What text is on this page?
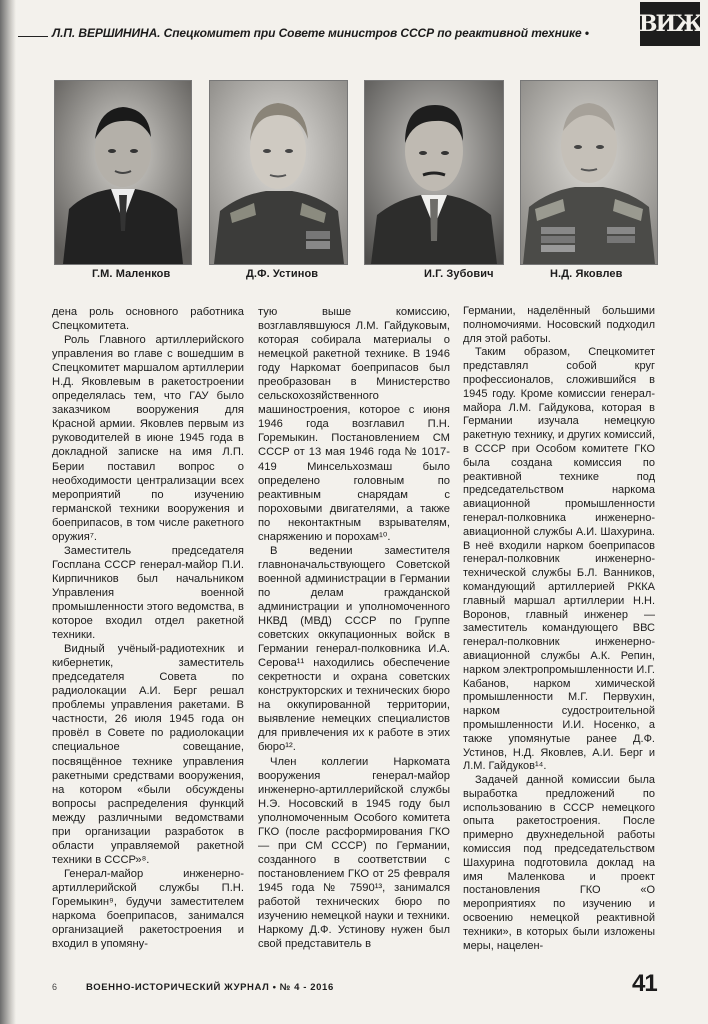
Л.П. ВЕРШИНИНА. Спецкомитет при Совете министров СССР по реактивной технике •	ВИЖ
Г.М. Маленков	Д.Ф. Устинов	И.Г. Зубович	Н.Д. Яковлев

дена роль основного работника Спецкомитета.

Роль Главного артиллерийского управления во главе с вошедшим в Спецкомитет маршалом артиллерии Н.Д. Яковлевым в ракетостроении определялась тем, что ГАУ было заказчиком вооружения для Красной армии. Яковлев первым из руководителей в июне 1945 года в докладной записке на имя Л.П. Берии поставил вопрос о необходимости централизации всех мероприятий по изучению германской техники вооружения и боеприпасов, в том числе ракетного оружия⁷.

Заместитель председателя Госплана СССР генерал-майор П.И. Кирпичников был начальником Управления военной промышленности этого ведомства, в которое входил отдел ракетной техники.

Видный учёный-радиотехник и кибернетик, заместитель председателя Совета по радиолокации А.И. Берг решал проблемы управления ракетами. В частности, 26 июля 1945 года он провёл в Совете по радиолокации специальное совещание, посвящённое технике управления ракетными средствами вооружения, на котором «были обсуждены вопросы распределения функций между различными ведомствами при организации разработок в области управляемой ракетной техники в СССР»⁸.

Генерал-майор инженерно-артиллерийской службы П.Н. Горемыкин⁹, будучи заместителем наркома боеприпасов, занимался организацией ракетостроения и входил в упомяну-

тую выше комиссию, возглавлявшуюся Л.М. Гайдуковым, которая собирала материалы о немецкой ракетной технике. В 1946 году Наркомат боеприпасов был преобразован в Министерство сельскохозяйственного машиностроения, которое с июня 1946 года возглавил П.Н. Горемыкин. Постановлением СМ СССР от 13 мая 1946 года № 1017-419 Минсельхозмаш было определено головным по реактивным снарядам с пороховыми двигателями, а также по неконтактным взрывателям, снаряжению и порохам¹⁰.

В ведении заместителя главноначальствующего Советской военной администрации в Германии по делам гражданской администрации и уполномоченного НКВД (МВД) СССР по Группе советских оккупационных войск в Германии генерал-полковника И.А. Серова¹¹ находились обеспечение секретности и охрана советских конструкторских и технических бюро на оккупированной территории, выявление немецких специалистов для привлечения их к работе в этих бюро¹².

Член коллегии Наркомата вооружения генерал-майор инженерно-артиллерийской службы Н.Э. Носовский в 1945 году был уполномоченным Особого комитета ГКО (после расформирования ГКО — при СМ СССР) по Германии, созданного в соответствии с постановлением ГКО от 25 февраля 1945 года № 7590¹³, занимался работой технических бюро по изучению немецкой науки и техники. Наркому Д.Ф. Устинову нужен был свой представитель в

Германии, наделённый большими полномочиями. Носовский подходил для этой работы.

Таким образом, Спецкомитет представлял собой круг профессионалов, сложившийся в 1945 году. Кроме комиссии генерал-майора Л.М. Гайдукова, которая в Германии изучала немецкую ракетную технику, и других комиссий, в СССР при Особом комитете ГКО была создана комиссия по реактивной технике под председательством наркома авиационной промышленности генерал-полковника инженерно-авиационной службы А.И. Шахурина. В неё входили нарком боеприпасов генерал-полковник инженерно-технической службы Б.Л. Ванников, командующий артиллерией РККА главный маршал артиллерии Н.Н. Воронов, главный инженер — заместитель командующего ВВС генерал-полковник инженерно-авиационной службы А.К. Репин, нарком электропромышленности И.Г. Кабанов, нарком химической промышленности М.Г. Первухин, нарком судостроительной промышленности И.И. Носенко, а также упомянутые ранее Д.Ф. Устинов, Н.Д. Яковлев, А.И. Берг и Л.М. Гайдуков¹⁴.

Задачей данной комиссии была выработка предложений по использованию в СССР немецкого опыта ракетостроения. После примерно двухнедельной работы комиссия под председательством Шахурина подготовила доклад на имя Маленкова и проект постановления ГКО «О мероприятиях по изучению и освоению немецкой реактивной техники», в которых были изложены меры, нацелен-

6	ВОЕННО-ИСТОРИЧЕСКИЙ ЖУРНАЛ • № 4 - 2016	41
